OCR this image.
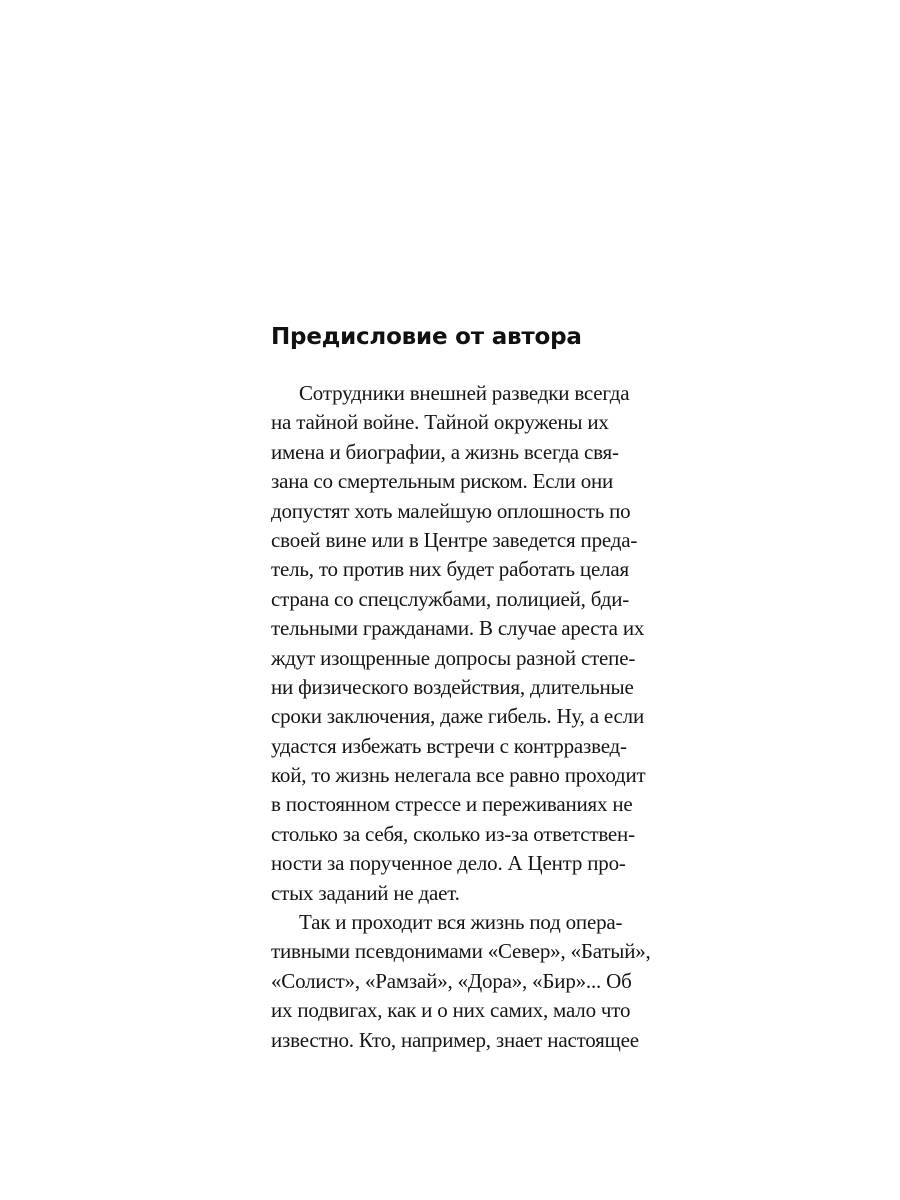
Предисловие от автора
Сотрудники внешней разведки всегда
на тайной войне. Тайной окружены их
имена и биографии, а жизнь всегда свя-
зана со смертельным риском. Если они
допустят хоть малейшую оплошность по
своей вине или в Центре заведется преда-
тель, то против них будет работать целая
страна со спецслужбами, полицией, бди-
тельными гражданами. В случае ареста их
ждут изощренные допросы разной степе-
ни физического воздействия, длительные
сроки заключения, даже гибель. Ну, а если
удастся избежать встречи с контрразвед-
кой, то жизнь нелегала все равно проходит
в постоянном стрессе и переживаниях не
столько за себя, сколько из-за ответствен-
ности за порученное дело. А Центр про-
стых заданий не дает.
Так и проходит вся жизнь под опера-
тивными псевдонимами «Север», «Батый»,
«Солист», «Рамзай», «Дора», «Бир»... Об
их подвигах, как и о них самих, мало что
известно. Кто, например, знает настоящее
